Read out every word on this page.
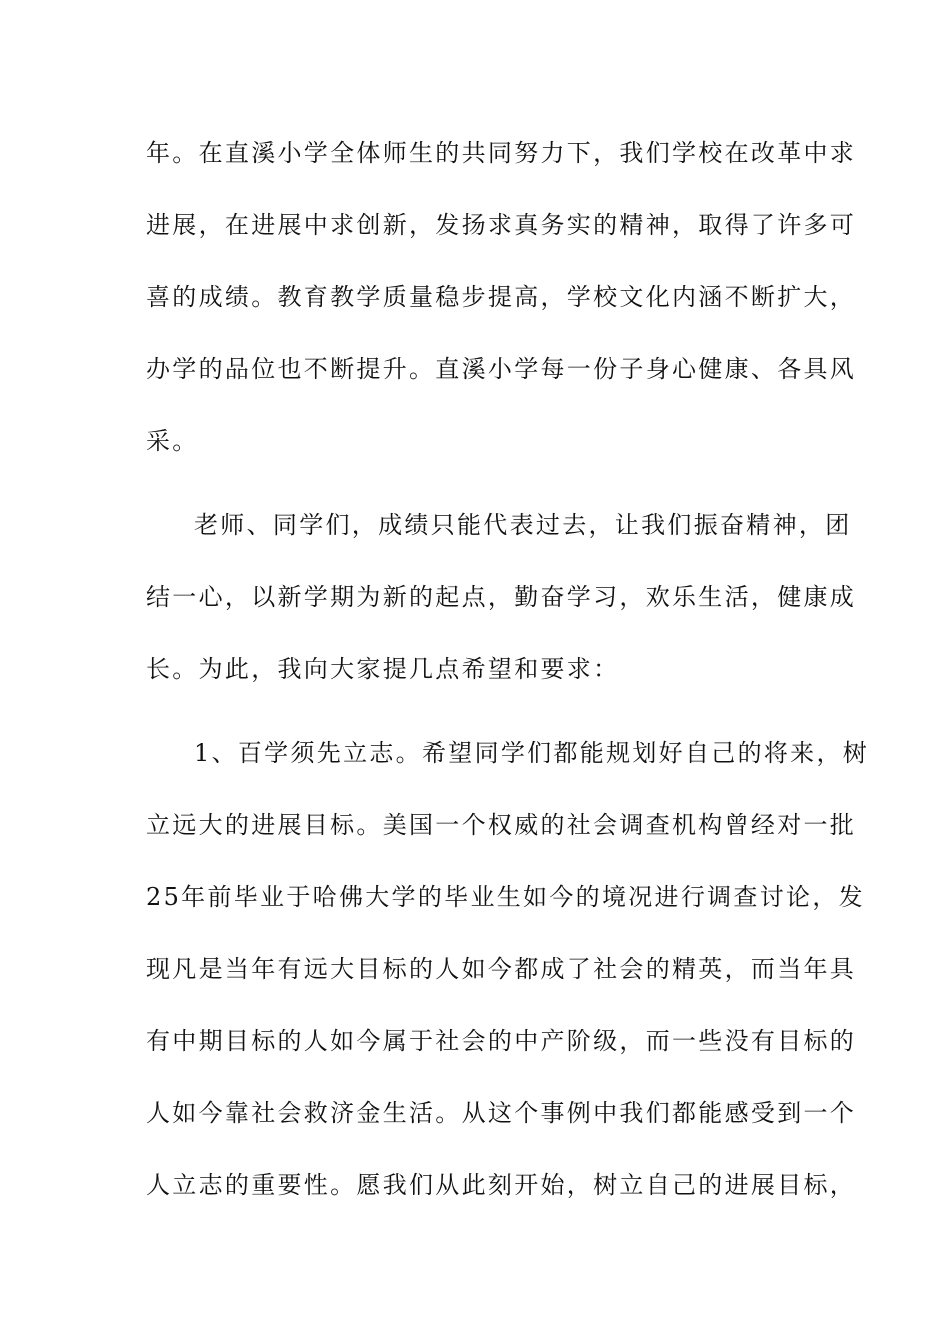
年。在直溪小学全体师生的共同努力下，我们学校在改革中求
进展，在进展中求创新，发扬求真务实的精神，取得了许多可
喜的成绩。教育教学质量稳步提高，学校文化内涵不断扩大，
办学的品位也不断提升。直溪小学每一份子身心健康、各具风
采。
老师、同学们，成绩只能代表过去，让我们振奋精神，团
结一心，以新学期为新的起点，勤奋学习，欢乐生活，健康成
长。为此，我向大家提几点希望和要求：
1、百学须先立志。希望同学们都能规划好自己的将来，树
立远大的进展目标。美国一个权威的社会调查机构曾经对一批
25年前毕业于哈佛大学的毕业生如今的境况进行调查讨论，发
现凡是当年有远大目标的人如今都成了社会的精英，而当年具
有中期目标的人如今属于社会的中产阶级，而一些没有目标的
人如今靠社会救济金生活。从这个事例中我们都能感受到一个
人立志的重要性。愿我们从此刻开始，树立自己的进展目标，
